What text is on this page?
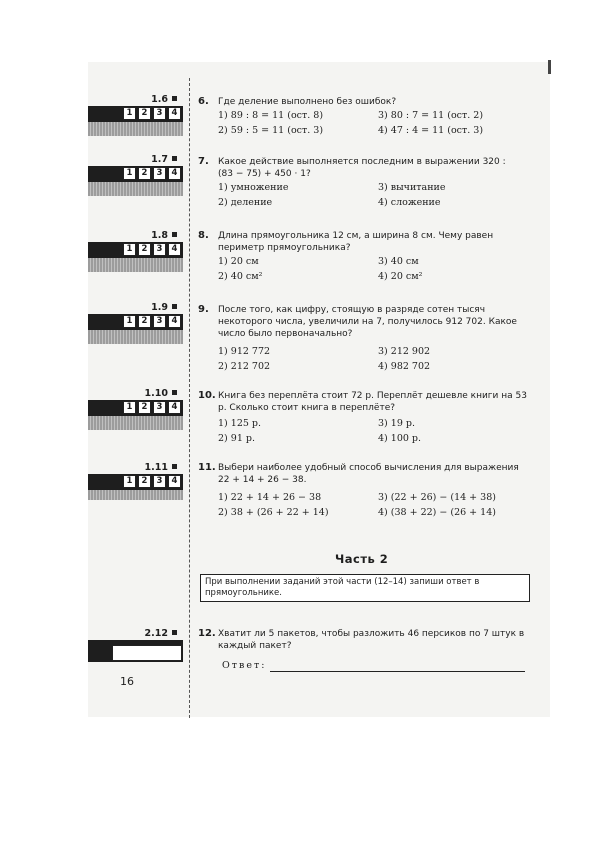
1.6
1	2	3	4
1.7
1	2	3	4
1.8
1	2	3	4
1.9
1	2	3	4
1.10
1	2	3	4
1.11
1	2	3	4
2.12
16
6. Где деление выполнено без ошибок?
1) 89 : 8 = 11 (ост. 8)	3) 80 : 7 = 11 (ост. 2)
2) 59 : 5 = 11 (ост. 3)	4) 47 : 4 = 11 (ост. 3)
7. Какое действие выполняется последним в выражении 320 : (83 − 75) + 450 · 1?
1) умножение	3) вычитание
2) деление	4) сложение
8. Длина прямоугольника 12 см, а ширина 8 см. Чему равен периметр прямоугольника?
1) 20 см	3) 40 см
2) 40 см²	4) 20 см²
9. После того, как цифру, стоящую в разряде сотен тысяч некоторого числа, увеличили на 7, получилось 912 702. Какое число было первоначально?
1) 912 772	3) 212 902
2) 212 702	4) 982 702
10. Книга без переплёта стоит 72 р. Переплёт дешевле книги на 53 р. Сколько стоит книга в переплёте?
1) 125 р.	3) 19 р.
2) 91 р.	4) 100 р.
11. Выбери наиболее удобный способ вычисления для выражения 22 + 14 + 26 − 38.
1) 22 + 14 + 26 − 38	3) (22 + 26) − (14 + 38)
2) 38 + (26 + 22 + 14)	4) (38 + 22) − (26 + 14)
Часть 2
При выполнении заданий этой части (12–14) запиши ответ в прямоугольнике.
12. Хватит ли 5 пакетов, чтобы разложить 46 персиков по 7 штук в каждый пакет?
Ответ:
